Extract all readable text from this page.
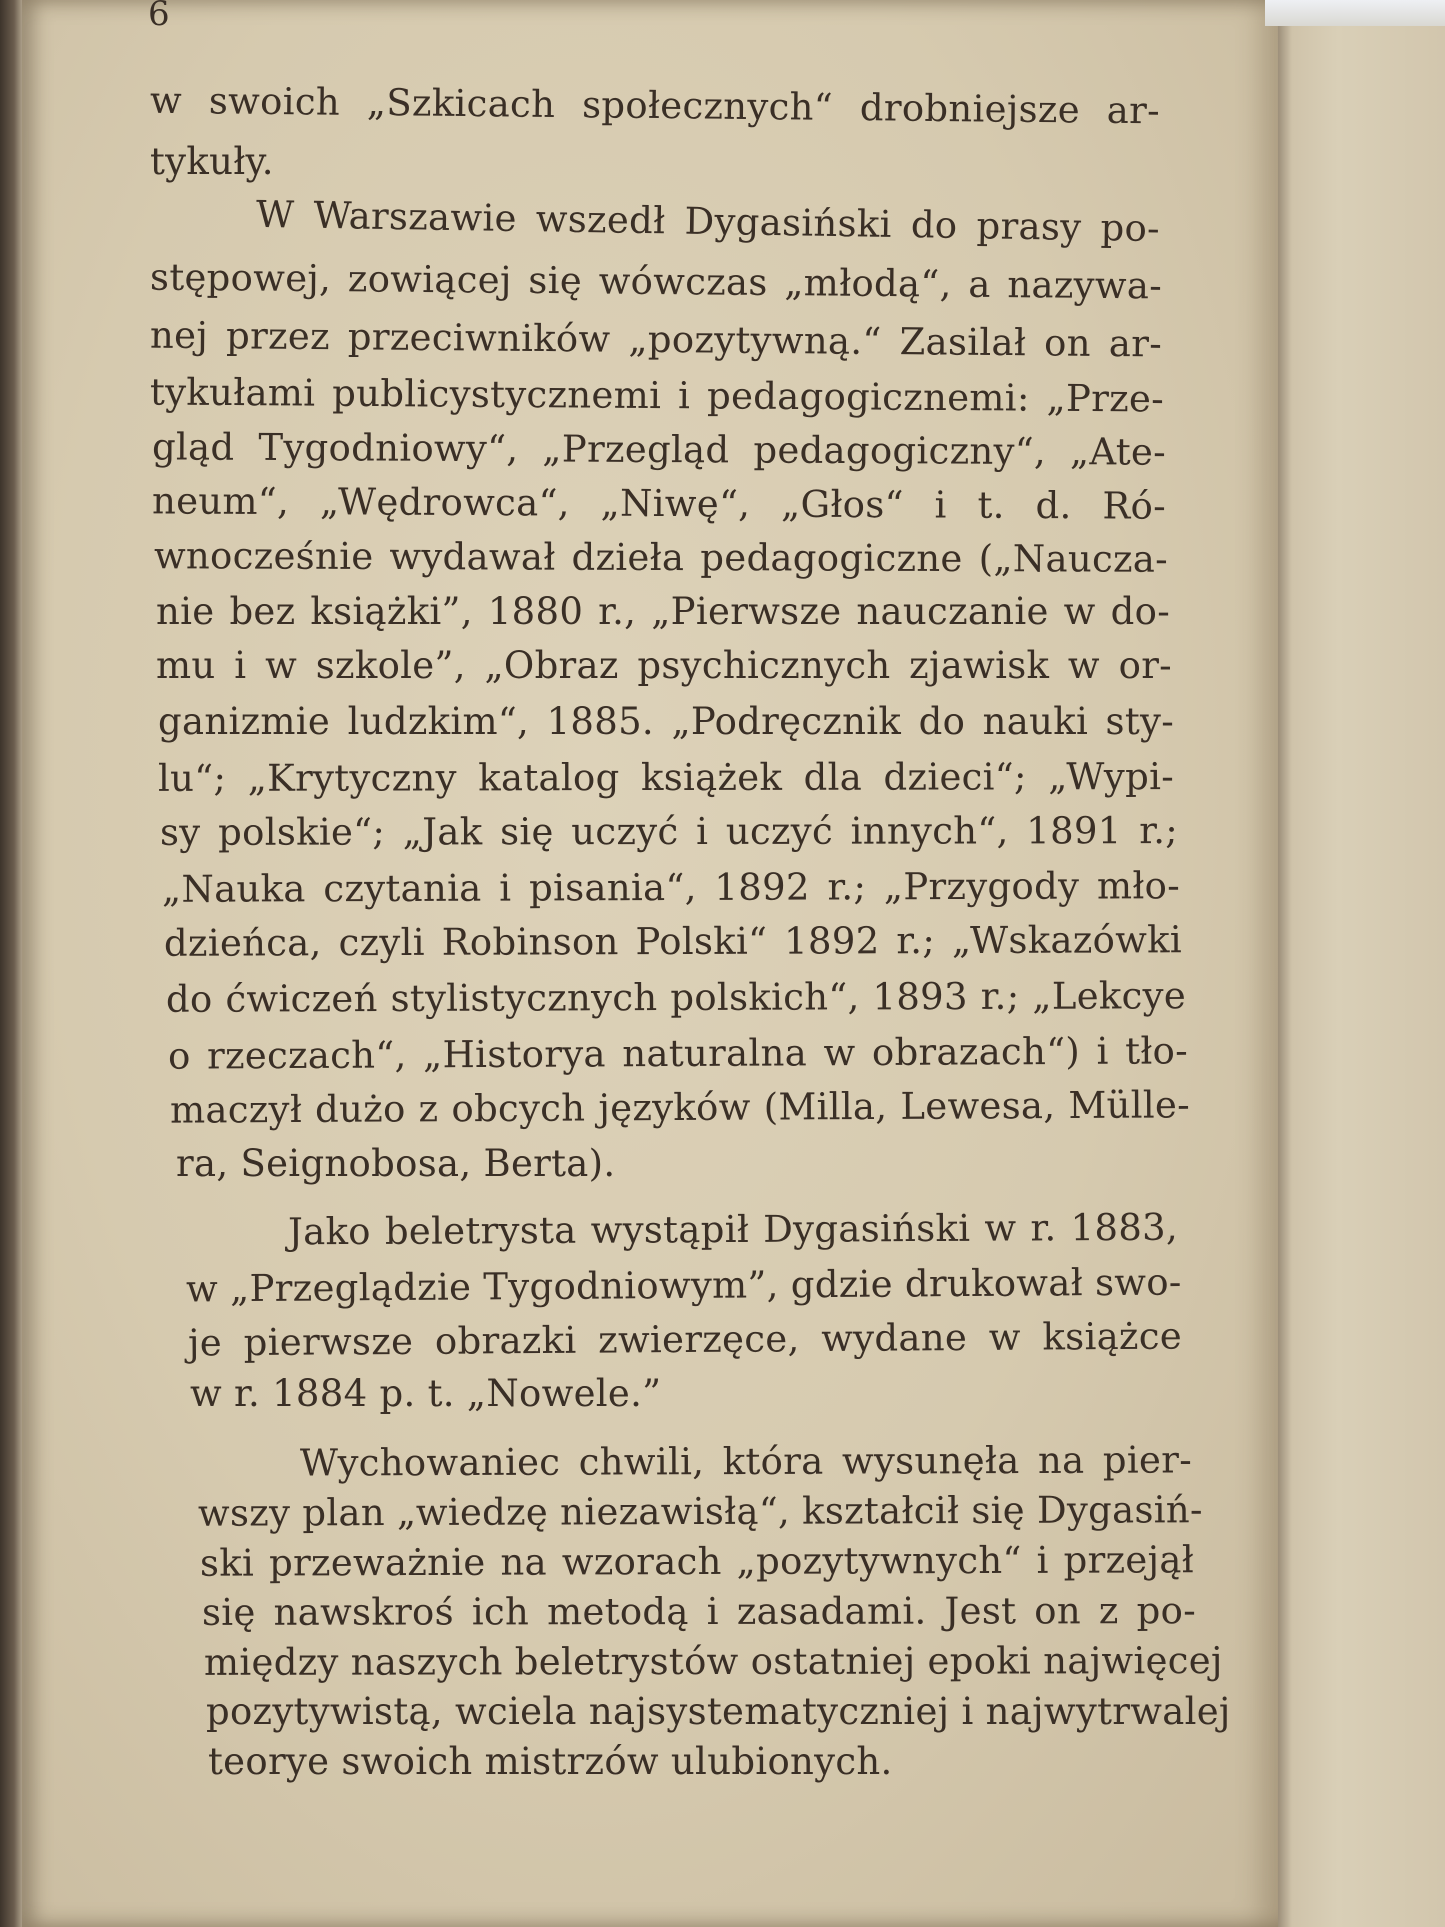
6
w swoich „Szkicach społecznych“ drobniejsze ar-
tykuły.
W Warszawie wszedł Dygasiński do prasy po-
stępowej, zowiącej się wówczas „młodą“, a nazywa-
nej przez przeciwników „pozytywną.“ Zasilał on ar-
tykułami publicystycznemi i pedagogicznemi: „Prze-
gląd Tygodniowy“, „Przegląd pedagogiczny“, „Ate-
neum“, „Wędrowca“, „Niwę“, „Głos“ i t. d. Ró-
wnocześnie wydawał dzieła pedagogiczne („Naucza-
nie bez książki”, 1880 r., „Pierwsze nauczanie w do-
mu i w szkole”, „Obraz psychicznych zjawisk w or-
ganizmie ludzkim“, 1885. „Podręcznik do nauki sty-
lu“; „Krytyczny katalog książek dla dzieci“; „Wypi-
sy polskie“; „Jak się uczyć i uczyć innych“, 1891 r.;
„Nauka czytania i pisania“, 1892 r.; „Przygody mło-
dzieńca, czyli Robinson Polski“ 1892 r.; „Wskazówki
do ćwiczeń stylistycznych polskich“, 1893 r.; „Lekcye
o rzeczach“, „Historya naturalna w obrazach“) i tło-
maczył dużo z obcych języków (Milla, Lewesa, Mülle-
ra, Seignobosa, Berta).
Jako beletrysta wystąpił Dygasiński w r. 1883,
w „Przeglądzie Tygodniowym”, gdzie drukował swo-
je pierwsze obrazki zwierzęce, wydane w książce
w r. 1884 p. t. „Nowele.”
Wychowaniec chwili, która wysunęła na pier-
wszy plan „wiedzę niezawisłą“, kształcił się Dygasiń-
ski przeważnie na wzorach „pozytywnych“ i przejął
się nawskroś ich metodą i zasadami. Jest on z po-
między naszych beletrystów ostatniej epoki najwięcej
pozytywistą, wciela najsystematyczniej i najwytrwalej
teorye swoich mistrzów ulubionych.
